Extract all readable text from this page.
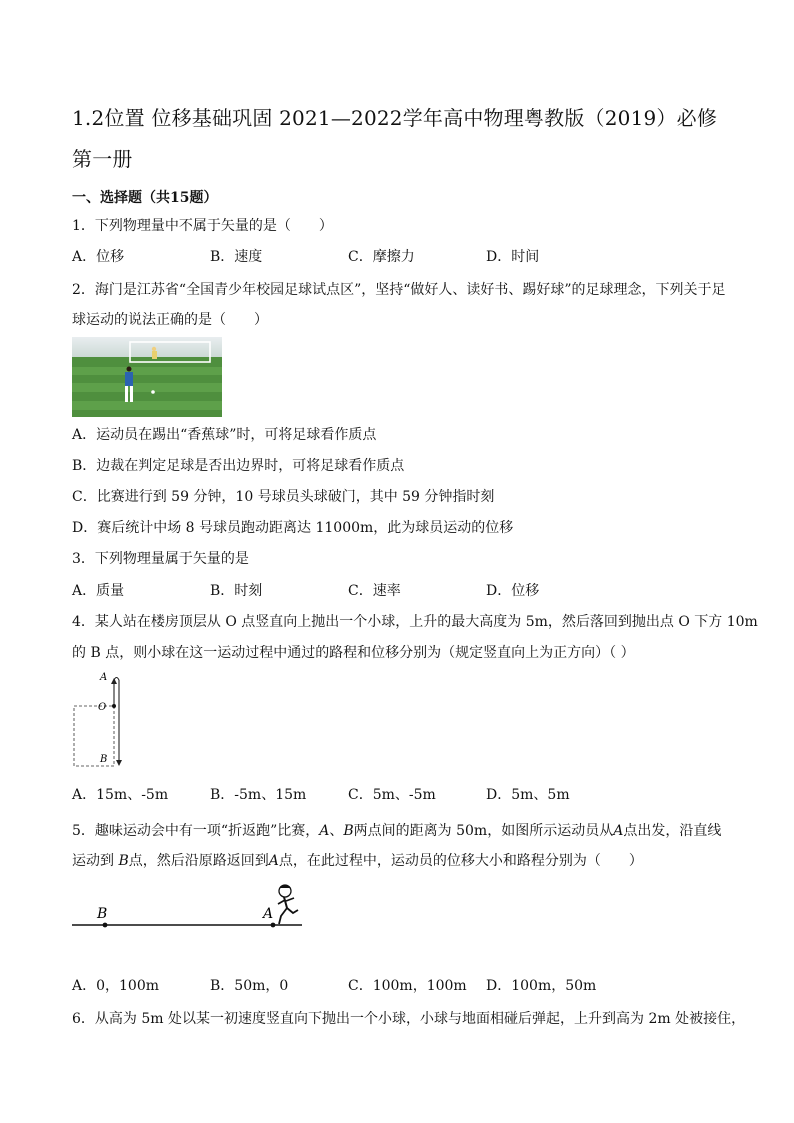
1.2位置 位移基础巩固 2021—2022学年高中物理粤教版（2019）必修
第一册
一、选择题（共15题）
1．下列物理量中不属于矢量的是（　　）
A．位移	B．速度	C．摩擦力	D．时间
2．海门是江苏省“全国青少年校园足球试点区”，坚持“做好人、读好书、踢好球”的足球理念，下列关于足
球运动的说法正确的是（　　）
A．运动员在踢出“香蕉球”时，可将足球看作质点
B．边裁在判定足球是否出边界时，可将足球看作质点
C．比赛进行到 59 分钟，10 号球员头球破门，其中 59 分钟指时刻
D．赛后统计中场 8 号球员跑动距离达 11000m，此为球员运动的位移
3．下列物理量属于矢量的是
A．质量	B．时刻	C．速率	D．位移
4．某人站在楼房顶层从 O 点竖直向上抛出一个小球，上升的最大高度为 5m，然后落回到抛出点 O 下方 10m
的 B 点，则小球在这一运动过程中通过的路程和位移分别为（规定竖直向上为正方向）（ ）
A
O
B
A．15m、-5m	B．-5m、15m	C．5m、-5m	D．5m、5m
5．趣味运动会中有一项“折返跑”比赛，A、B两点间的距离为 50m，如图所示运动员从A点出发，沿直线
运动到 B点，然后沿原路返回到A点，在此过程中，运动员的位移大小和路程分别为（　　）
B	A
A．0，100m	B．50m，0	C．100m，100m D．100m，50m
6．从高为 5m 处以某一初速度竖直向下抛出一个小球，小球与地面相碰后弹起，上升到高为 2m 处被接住，
